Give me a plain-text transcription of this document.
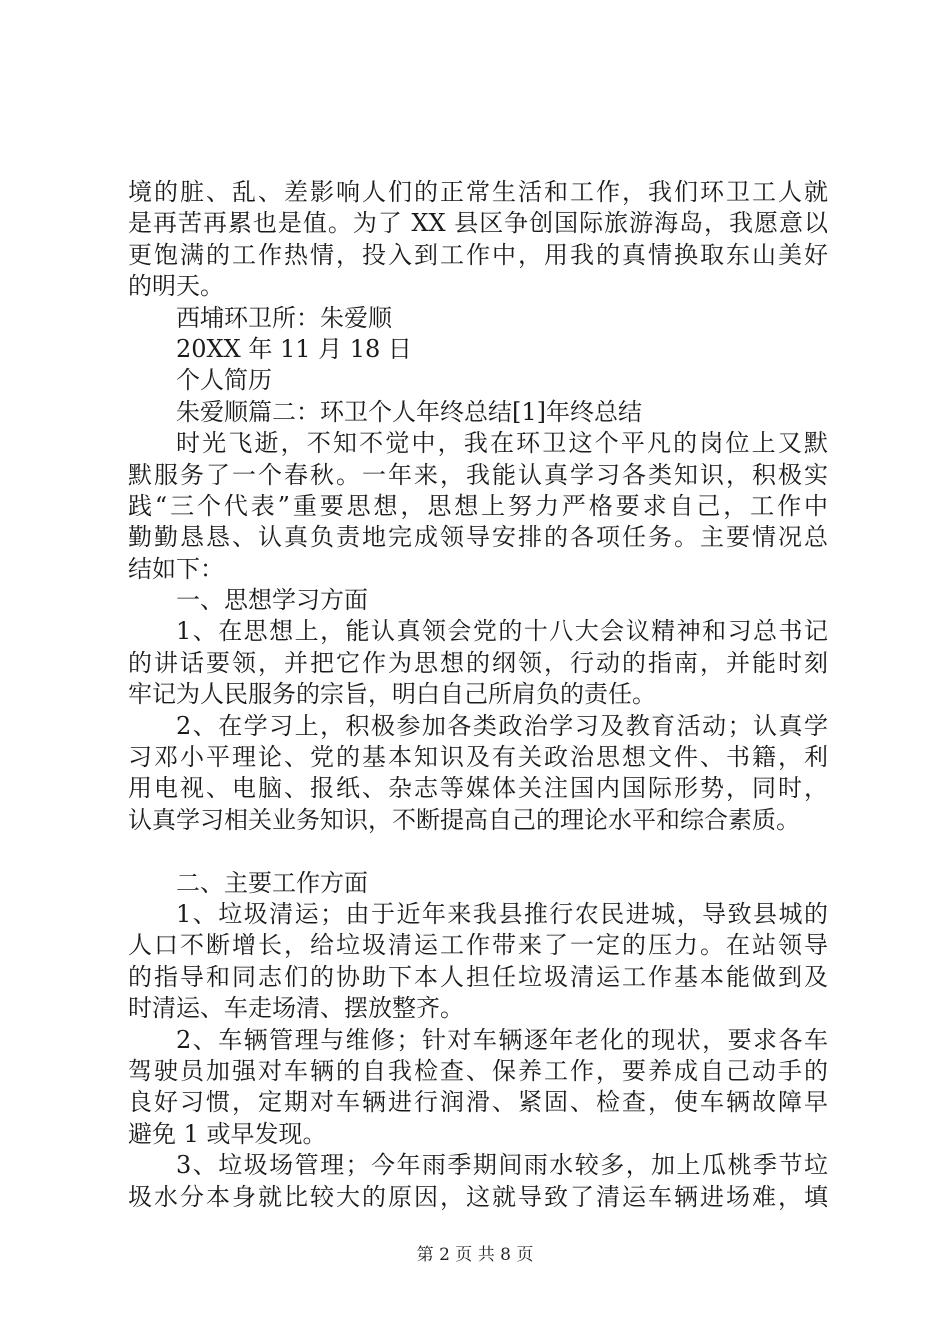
境的脏、乱、差影响人们的正常生活和工作，我们环卫工人就
是再苦再累也是值。为了 XX 县区争创国际旅游海岛，我愿意以
更饱满的工作热情，投入到工作中，用我的真情换取东山美好
的明天。
西埔环卫所：朱爱顺
20XX 年 11 月 18 日
个人简历
朱爱顺篇二：环卫个人年终总结[1]年终总结
时光飞逝，不知不觉中，我在环卫这个平凡的岗位上又默
默服务了一个春秋。一年来，我能认真学习各类知识，积极实
践“三个代表”重要思想，思想上努力严格要求自己，工作中
勤勤恳恳、认真负责地完成领导安排的各项任务。主要情况总
结如下：
一、思想学习方面
1、在思想上，能认真领会党的十八大会议精神和习总书记
的讲话要领，并把它作为思想的纲领，行动的指南，并能时刻
牢记为人民服务的宗旨，明白自己所肩负的责任。
2、在学习上，积极参加各类政治学习及教育活动；认真学
习邓小平理论、党的基本知识及有关政治思想文件、书籍，利
用电视、电脑、报纸、杂志等媒体关注国内国际形势，同时，
认真学习相关业务知识，不断提高自己的理论水平和综合素质。
二、主要工作方面
1、垃圾清运；由于近年来我县推行农民进城，导致县城的
人口不断增长，给垃圾清运工作带来了一定的压力。在站领导
的指导和同志们的协助下本人担任垃圾清运工作基本能做到及
时清运、车走场清、摆放整齐。
2、车辆管理与维修；针对车辆逐年老化的现状，要求各车
驾驶员加强对车辆的自我检查、保养工作，要养成自己动手的
良好习惯，定期对车辆进行润滑、紧固、检查，使车辆故障早
避免 1 或早发现。
3、垃圾场管理；今年雨季期间雨水较多，加上瓜桃季节垃
圾水分本身就比较大的原因，这就导致了清运车辆进场难，填
第 2 页 共 8 页
